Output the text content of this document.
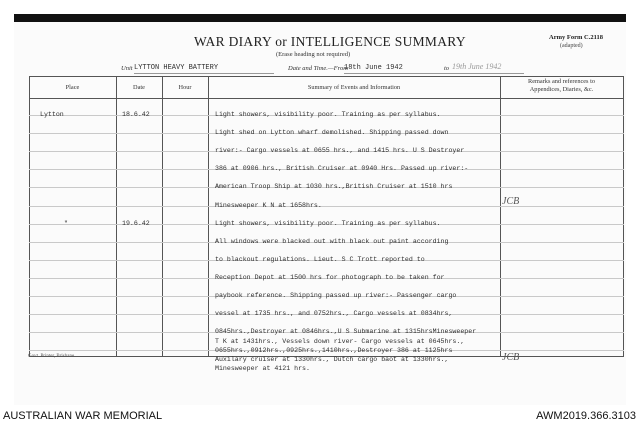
WAR DIARY or INTELLIGENCE SUMMARY
(Erase heading not required)
Army Form C.2118
(adapted)
Unit LYTTON HEAVY BATTERY	Date and Time.—From
18th June 1942	to 19th June 1942
Place	Date	Hour	Summary of Events and Information
Remarks and references to
Appendices, Diaries, &c.
Lytton	18.6.42	Light showers, visibility poor. Training as per syllabus.
Light shed on Lytton wharf demolished. Shipping passed down
river:- Cargo vessels at 0655 hrs., and 1415 hrs. U S Destroyer
386 at 0906 hrs., British Cruiser at 0940 Hrs. Passed up river:-
American Troop Ship at 1030 hrs.,British Cruiser at 1510 hrs
Minesweeper K N at 1658hrs.	JCB
"	19.6.42	Light showers, visibility poor. Training as per syllabus.
All windows were blacked out with black out paint according
to blackout regulations. Lieut. S C Trott reported to
Reception Depot at 1500 hrs for photograph to be taken for
paybook reference. Shipping passed up river:- Passenger cargo
vessel at 1735 hrs., and 0752hrs., Cargo vessels at 0834hrs,
0845hrs.,Destroyer at 0846hrs.,U S Submarine at 1315hrsMinesweeper
T K at 1431hrs., Vessels down river- Cargo vessels at 0645hrs.,
0655hrs.,0912hrs.,0925hrs.,1410hrs.,Destroyer 386 at 1125hrs
Auxilary cruiser at 1330hrs., Dutch cargo baot at 1330hrs.,
Minesweeper at 4121 hrs.
JCB
Govt. Printer, Brisbane
AUSTRALIAN WAR MEMORIAL	AWM2019.366.3103
